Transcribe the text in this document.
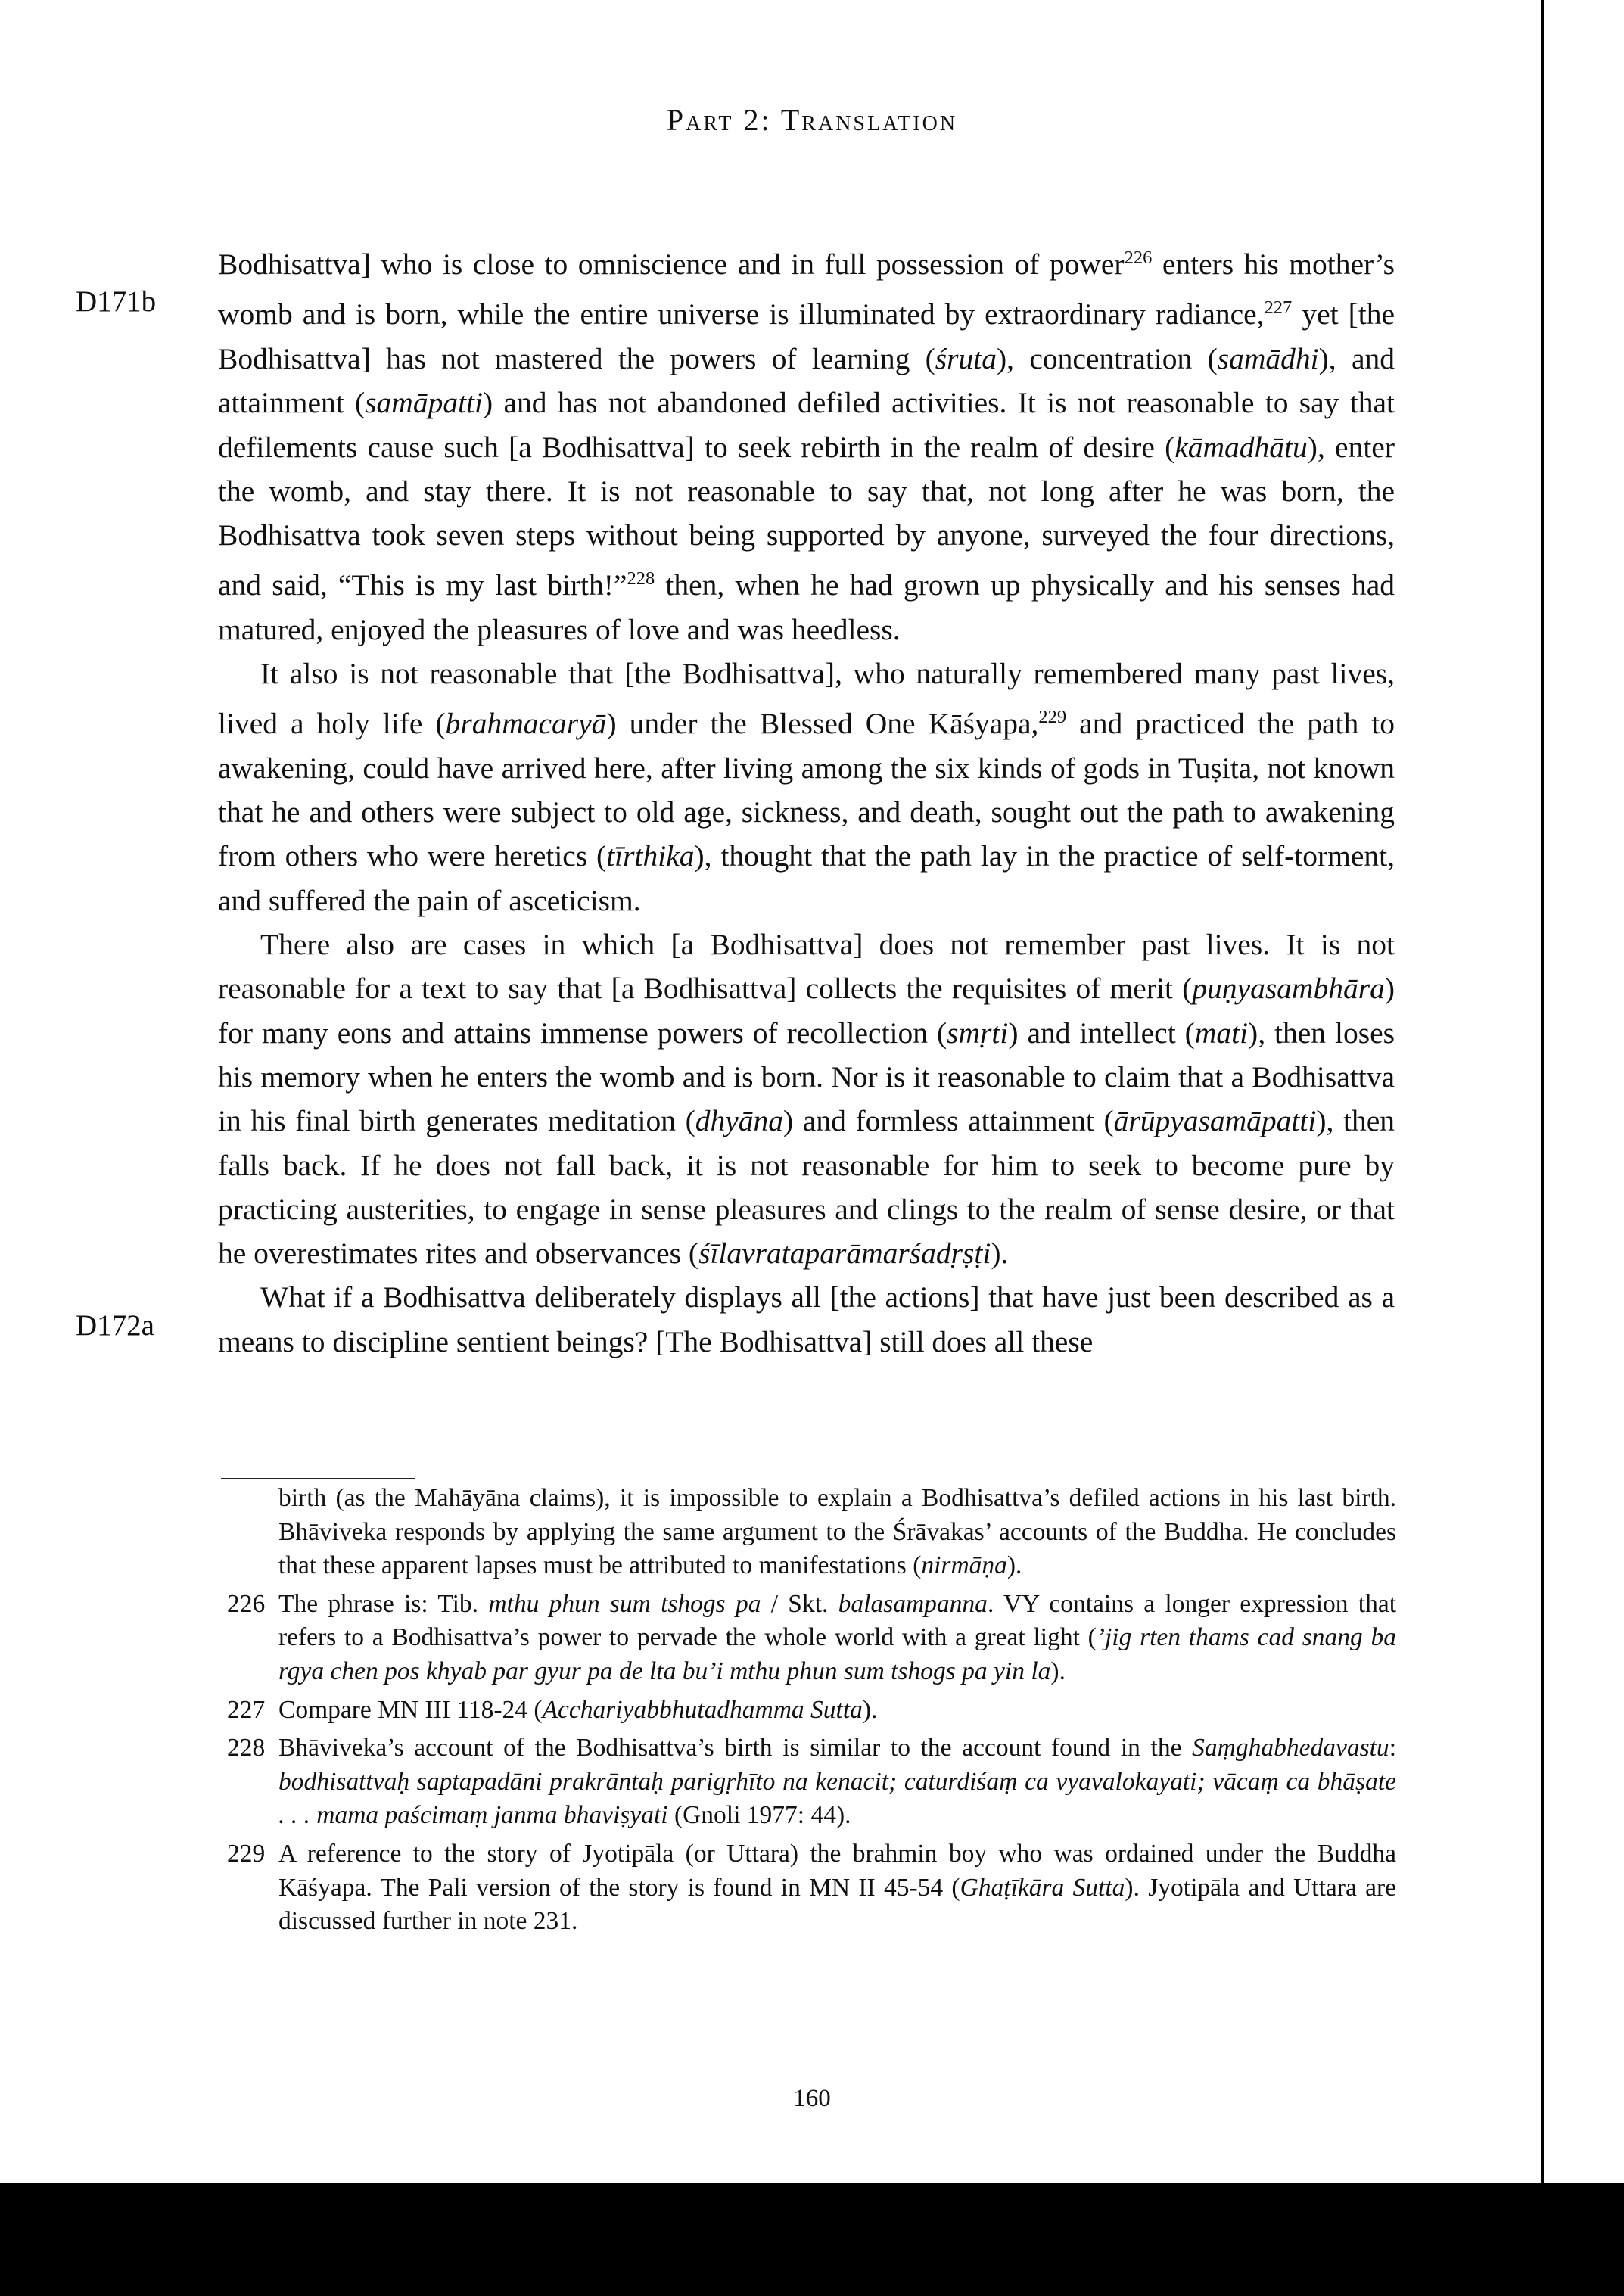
Part 2: Translation
D171b
D172a

Bodhisattva] who is close to omniscience and in full possession of power$^{226}$ enters his mother’s womb and is born, while the entire universe is illuminated by extraordinary radiance,$^{227}$ yet [the Bodhisattva] has not mastered the powers of learning (śruta), concentration (samādhi), and attainment (samāpatti) and has not abandoned defiled activities. It is not reasonable to say that defilements cause such [a Bodhisattva] to seek rebirth in the realm of desire (kāmadhātu), enter the womb, and stay there. It is not reasonable to say that, not long after he was born, the Bodhisattva took seven steps without being supported by anyone, surveyed the four directions, and said, “This is my last birth!”$^{228}$ then, when he had grown up physically and his senses had matured, enjoyed the pleasures of love and was heedless.

It also is not reasonable that [the Bodhisattva], who naturally remembered many past lives, lived a holy life (brahmacaryā) under the Blessed One Kāśyapa,$^{229}$ and practiced the path to awakening, could have arrived here, after living among the six kinds of gods in Tuṣita, not known that he and others were subject to old age, sickness, and death, sought out the path to awakening from others who were heretics (tīrthika), thought that the path lay in the practice of self-torment, and suffered the pain of asceticism.

There also are cases in which [a Bodhisattva] does not remember past lives. It is not reasonable for a text to say that [a Bodhisattva] collects the requisites of merit (puṇyasambhāra) for many eons and attains immense powers of recollection (smṛti) and intellect (mati), then loses his memory when he enters the womb and is born. Nor is it reasonable to claim that a Bodhisattva in his final birth generates meditation (dhyāna) and formless attainment (ārūpyasamāpatti), then falls back. If he does not fall back, it is not reasonable for him to seek to become pure by practicing austerities, to engage in sense pleasures and clings to the realm of sense desire, or that he overestimates rites and observances (śīlavrataparāmarśadṛṣṭi).

What if a Bodhisattva deliberately displays all [the actions] that have just been described as a means to discipline sentient beings? [The Bodhisattva] still does all these

birth (as the Mahāyāna claims), it is impossible to explain a Bodhisattva’s defiled actions in his last birth. Bhāviveka responds by applying the same argument to the Śrāvakas’ accounts of the Buddha. He concludes that these apparent lapses must be attributed to manifestations (nirmāṇa).
226 The phrase is: Tib. mthu phun sum tshogs pa / Skt. balasampanna. VY contains a longer expression that refers to a Bodhisattva’s power to pervade the whole world with a great light (’jig rten thams cad snang ba rgya chen pos khyab par gyur pa de lta bu’i mthu phun sum tshogs pa yin la).
227 Compare MN III 118-24 (Acchariyabbhutadhamma Sutta).
228 Bhāviveka’s account of the Bodhisattva’s birth is similar to the account found in the Saṃghabhedavastu: bodhisattvaḥ saptapadāni prakrāntaḥ parigṛhīto na kenacit; caturdiśaṃ ca vyavalokayati; vācaṃ ca bhāṣate . . . mama paścimaṃ janma bhaviṣyati (Gnoli 1977: 44).
229 A reference to the story of Jyotipāla (or Uttara) the brahmin boy who was ordained under the Buddha Kāśyapa. The Pali version of the story is found in MN II 45-54 (Ghaṭīkāra Sutta). Jyotipāla and Uttara are discussed further in note 231.
160
